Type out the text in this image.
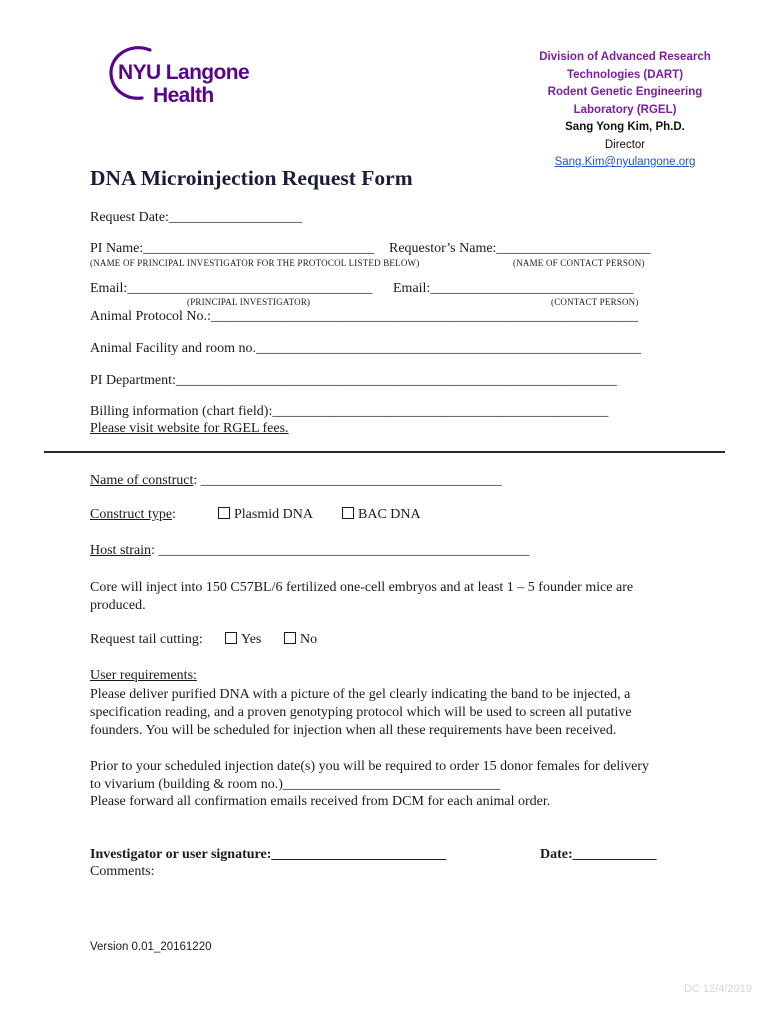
NYU Langone
Health
Division of Advanced Research
Technologies (DART)
Rodent Genetic Engineering
Laboratory (RGEL)
Sang Yong Kim, Ph.D.
Director
Sang.Kim@nyulangone.org
DNA Microinjection Request Form
Request Date:___________________
PI Name:_________________________________ Requestor’s Name:______________________
(NAME OF PRINCIPAL INVESTIGATOR FOR THE PROTOCOL LISTED BELOW)	(NAME OF CONTACT PERSON)
Email:___________________________________ Email:_____________________________
(PRINCIPAL INVESTIGATOR)	(CONTACT PERSON)
Animal Protocol No.:_____________________________________________________________
Animal Facility and room no._______________________________________________________
PI Department:_______________________________________________________________
Billing information (chart field):________________________________________________
Please visit website for RGEL fees.
Name of construct: ___________________________________________
Construct type:	Plasmid DNA	BAC DNA
Host strain: _____________________________________________________
Core will inject into 150 C57BL/6 fertilized one-cell embryos and at least 1 – 5 founder mice are produced.
Request tail cutting:	Yes	No
User requirements:
Please deliver purified DNA with a picture of the gel clearly indicating the band to be injected, a specification reading, and a proven genotyping protocol which will be used to screen all putative founders. You will be scheduled for injection when all these requirements have been received.
Prior to your scheduled injection date(s) you will be required to order 15 donor females for delivery to vivarium (building & room no.)_______________________________
Please forward all confirmation emails received from DCM for each animal order.
Investigator or user signature:_________________________	Date:____________
Comments:
Version 0.01_20161220
DC 12/4/2019
